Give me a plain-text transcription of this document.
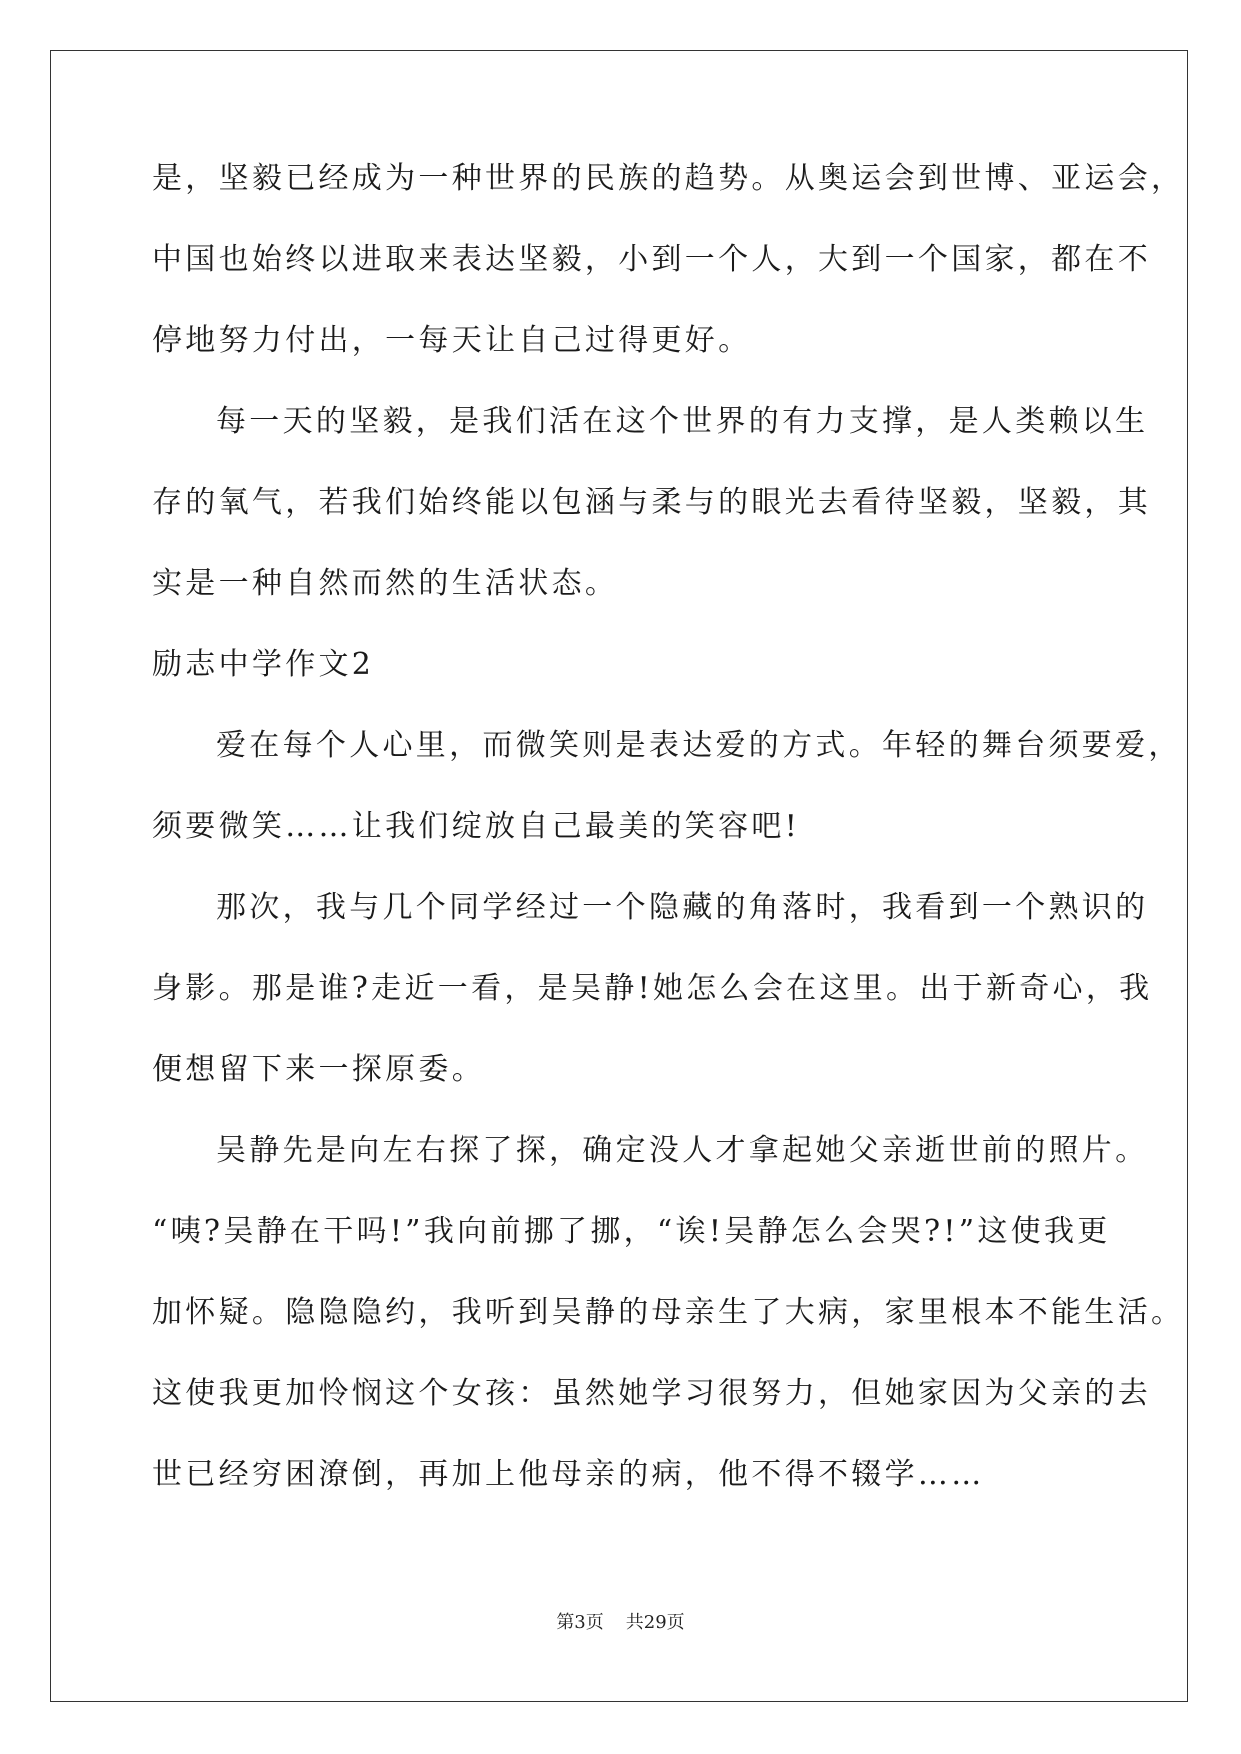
是，坚毅已经成为一种世界的民族的趋势。从奥运会到世博、亚运会，
中国也始终以进取来表达坚毅，小到一个人，大到一个国家，都在不
停地努力付出，一每天让自己过得更好。
每一天的坚毅，是我们活在这个世界的有力支撑，是人类赖以生
存的氧气，若我们始终能以包涵与柔与的眼光去看待坚毅，坚毅，其
实是一种自然而然的生活状态。
励志中学作文2
爱在每个人心里，而微笑则是表达爱的方式。年轻的舞台须要爱，
须要微笑……让我们绽放自己最美的笑容吧!
那次，我与几个同学经过一个隐藏的角落时，我看到一个熟识的
身影。那是谁?走近一看，是吴静!她怎么会在这里。出于新奇心，我
便想留下来一探原委。
吴静先是向左右探了探，确定没人才拿起她父亲逝世前的照片。
“咦?吴静在干吗!”我向前挪了挪，“诶!吴静怎么会哭?!”这使我更
加怀疑。隐隐隐约，我听到吴静的母亲生了大病，家里根本不能生活。
这使我更加怜悯这个女孩：虽然她学习很努力，但她家因为父亲的去
世已经穷困潦倒，再加上他母亲的病，他不得不辍学……
第3页 共29页
